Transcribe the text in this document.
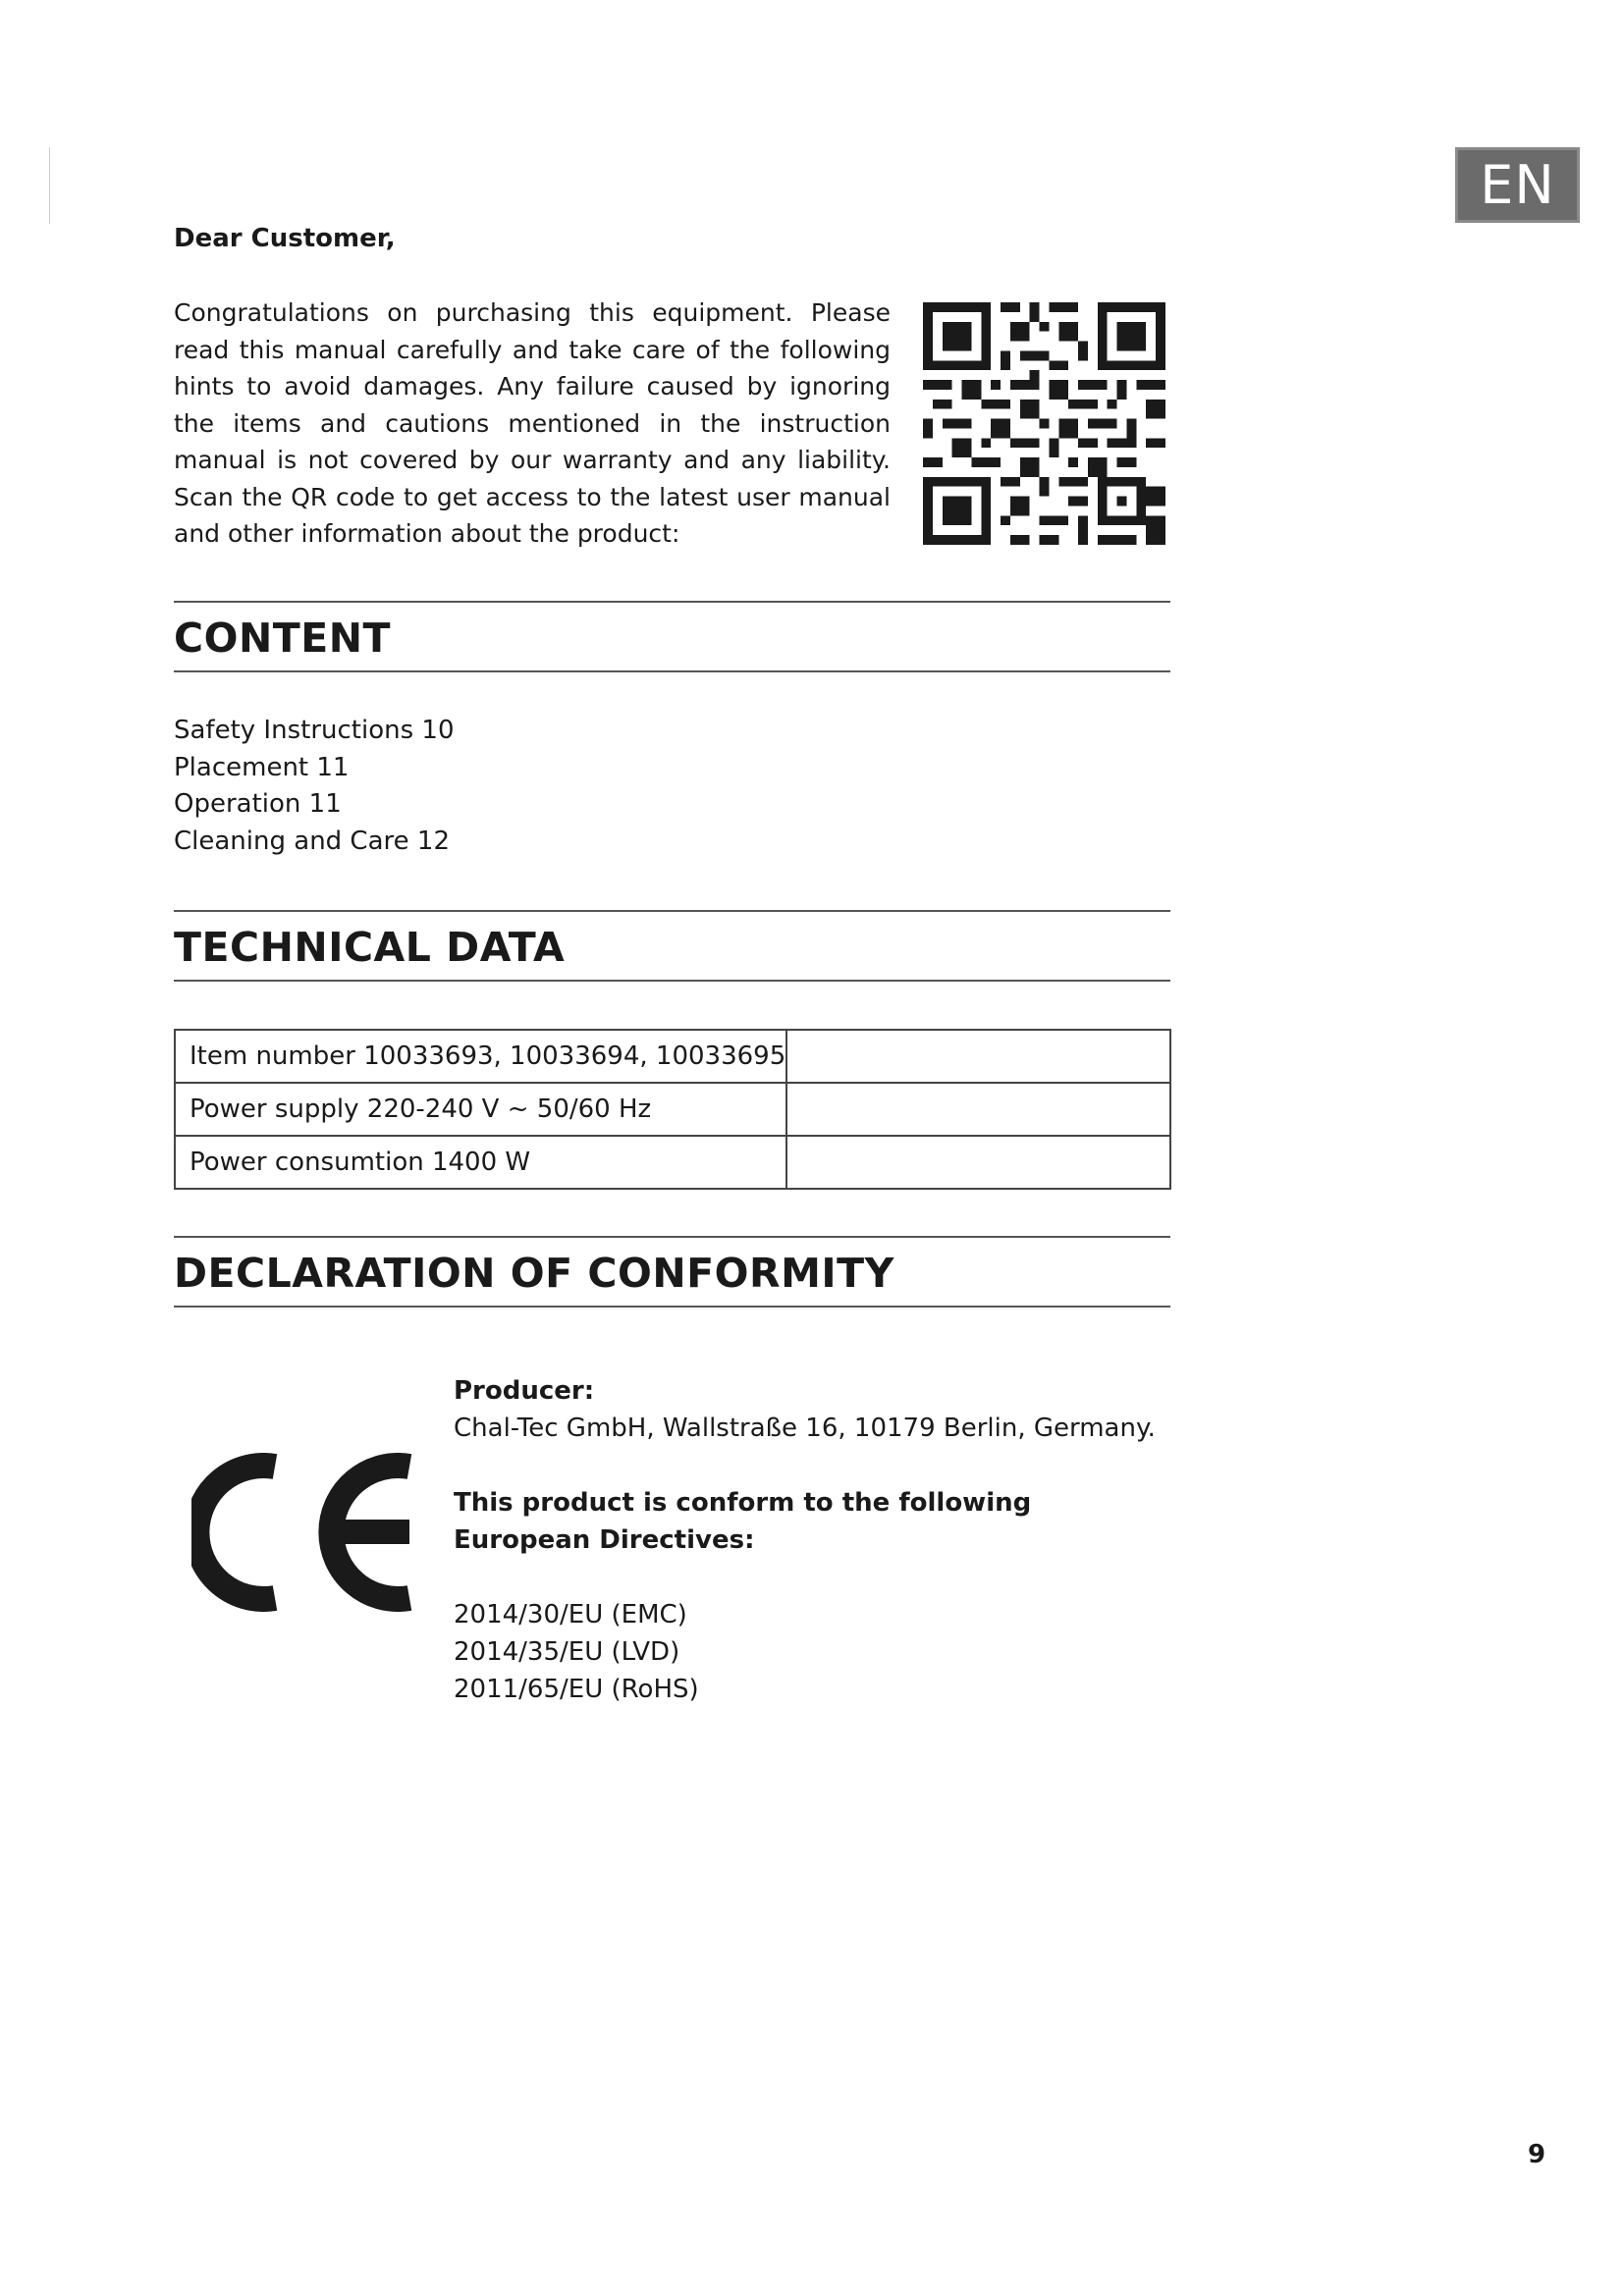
EN
Dear Customer,
Congratulations on purchasing this equipment. Please read this manual carefully and take care of the following hints to avoid damages. Any failure caused by ignoring the items and cautions mentioned in the instruction manual is not covered by our warranty and any liability. Scan the QR code to get access to the latest user manual and other information about the product:
CONTENT
Safety Instructions 10
Placement 11
Operation 11
Cleaning and Care 12
TECHNICAL DATA
Item number 10033693, 10033694, 10033695	
Power supply 220-240 V ~ 50/60 Hz	
Power consumtion 1400 W	
DECLARATION OF CONFORMITY
Producer:
Chal-Tec GmbH, Wallstraße 16, 10179 Berlin, Germany.
This product is conform to the following European Directives:
2014/30/EU (EMC)
2014/35/EU (LVD)
2011/65/EU (RoHS)
9
